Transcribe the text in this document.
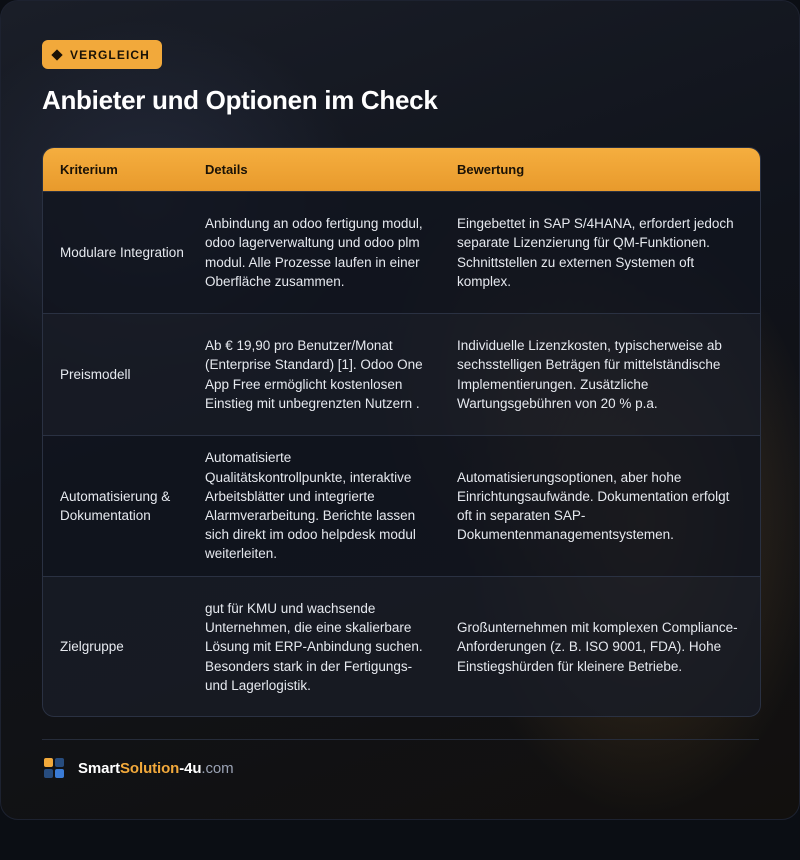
VERGLEICH
Anbieter und Optionen im Check
Kriterium	Details	Bewertung
Modulare Integration
Anbindung an odoo fertigung modul, odoo lagerverwaltung und odoo plm modul. Alle Prozesse laufen in einer Oberfläche zusammen.
Eingebettet in SAP S/4HANA, erfordert jedoch separate Lizenzierung für QM-Funktionen. Schnittstellen zu externen Systemen oft komplex.
Preismodell
Ab € 19,90 pro Benutzer/Monat (Enterprise Standard) [1]. Odoo One App Free ermöglicht kostenlosen Einstieg mit unbegrenzten Nutzern .
Individuelle Lizenzkosten, typischerweise ab sechsstelligen Beträgen für mittelständische Implementierungen. Zusätzliche Wartungsgebühren von 20 % p.a.
Automatisierung & Dokumentation
Automatisierte Qualitätskontrollpunkte, interaktive Arbeitsblätter und integrierte Alarmverarbeitung. Berichte lassen sich direkt im odoo helpdesk modul weiterleiten.
Automatisierungsoptionen, aber hohe Einrichtungsaufwände. Dokumentation erfolgt oft in separaten SAP-Dokumentenmanagementsystemen.
Zielgruppe
gut für KMU und wachsende Unternehmen, die eine skalierbare Lösung mit ERP-Anbindung suchen. Besonders stark in der Fertigungs- und Lagerlogistik.
Großunternehmen mit komplexen Compliance-Anforderungen (z. B. ISO 9001, FDA). Hohe Einstiegshürden für kleinere Betriebe.
SmartSolution-4u.com
